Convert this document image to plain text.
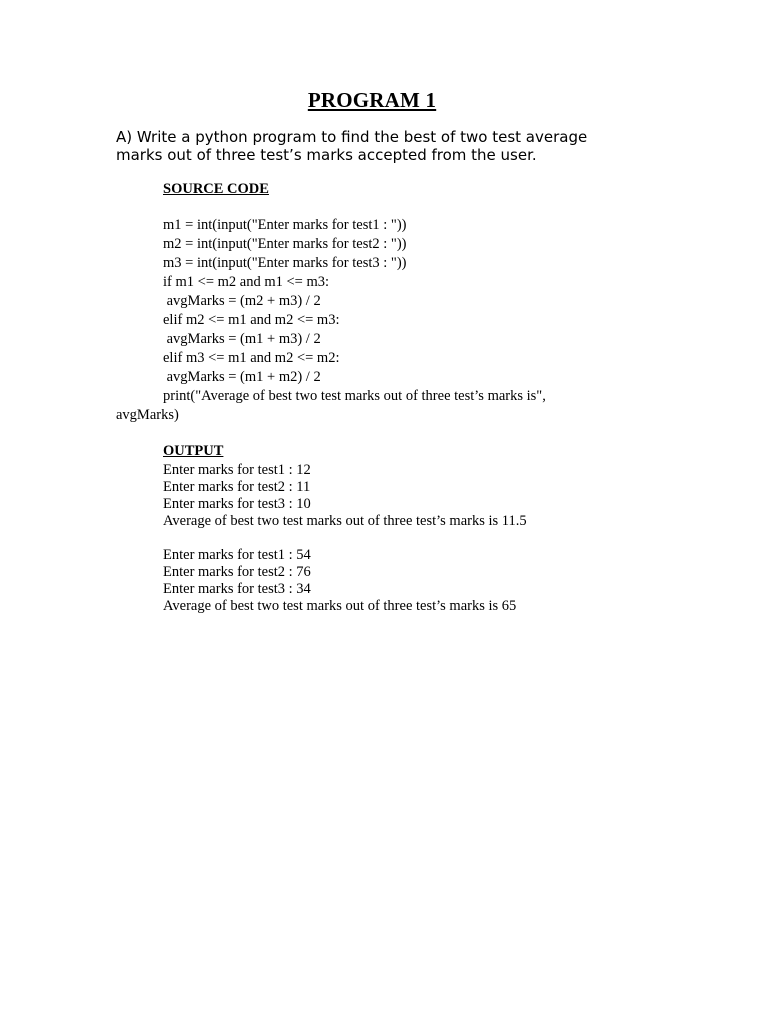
PROGRAM 1
A) Write a python program to find the best of two test average marks out of three test’s marks accepted from the user.
SOURCE CODE
m1 = int(input("Enter marks for test1 : "))
m2 = int(input("Enter marks for test2 : "))
m3 = int(input("Enter marks for test3 : "))
if m1 <= m2 and m1 <= m3:
avgMarks = (m2 + m3) / 2
elif m2 <= m1 and m2 <= m3:
avgMarks = (m1 + m3) / 2
elif m3 <= m1 and m2 <= m2:
avgMarks = (m1 + m2) / 2
print("Average of best two test marks out of three test’s marks is",
avgMarks)
OUTPUT
Enter marks for test1 : 12
Enter marks for test2 : 11
Enter marks for test3 : 10
Average of best two test marks out of three test’s marks is 11.5
Enter marks for test1 : 54
Enter marks for test2 : 76
Enter marks for test3 : 34
Average of best two test marks out of three test’s marks is 65
